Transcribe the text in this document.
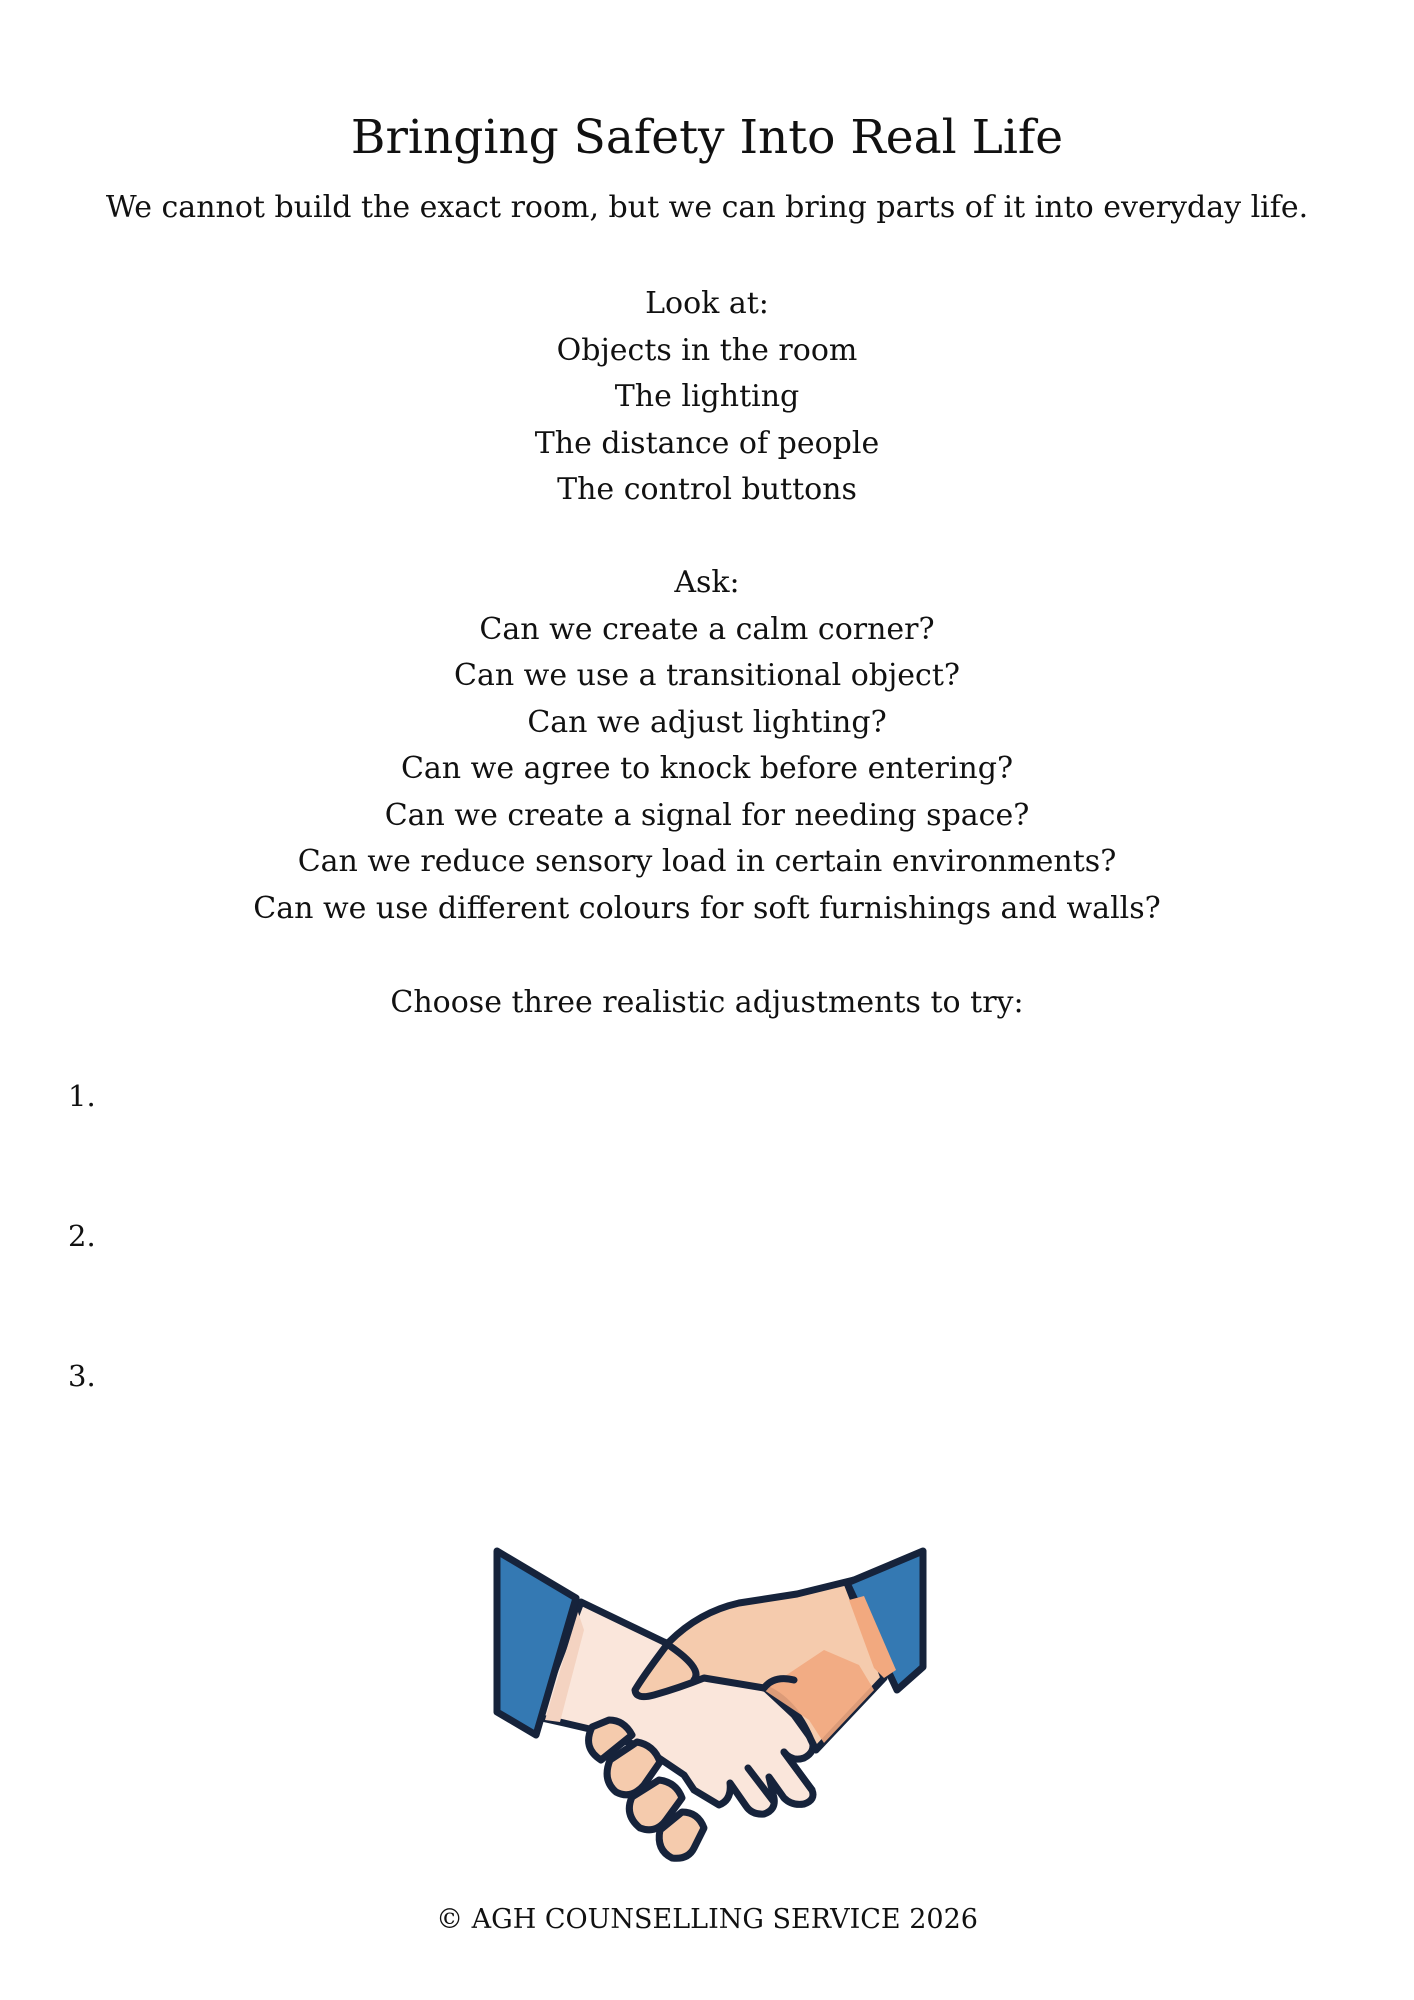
Bringing Safety Into Real Life

We cannot build the exact room, but we can bring parts of it into everyday life.

Look at:
Objects in the room
The lighting
The distance of people
The control buttons
Ask:
Can we create a calm corner?
Can we use a transitional object?
Can we adjust lighting?
Can we agree to knock before entering?
Can we create a signal for needing space?
Can we reduce sensory load in certain environments?
Can we use different colours for soft furnishings and walls?
Choose three realistic adjustments to try:
1.
2.
3.
© AGH COUNSELLING SERVICE 2026
